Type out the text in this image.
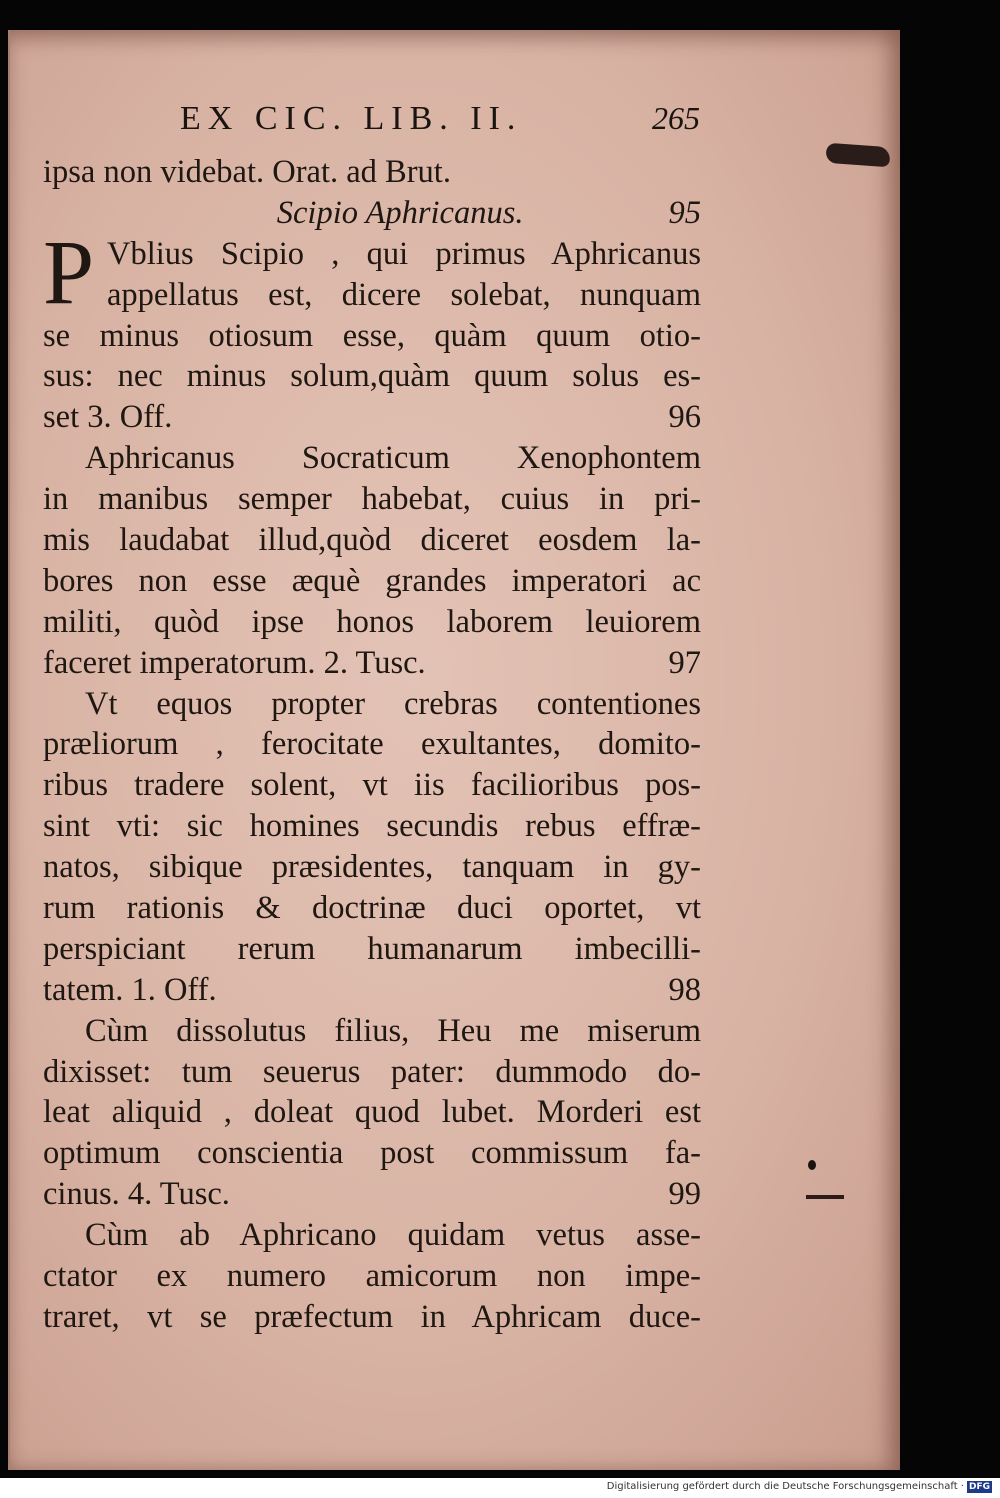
EX CIC. LIB. II.	265
ipsa non videbat. Orat. ad Brut.
Scipio Aphricanus.	95
P Vblius Scipio , qui primus Aphricanus
appellatus est, dicere solebat, nunquam
se minus otiosum esse, quàm quum otio-
sus: nec minus solum,quàm quum solus es-
set 3. Off.	96
Aphricanus Socraticum Xenophontem
in manibus semper habebat, cuius in pri-
mis laudabat illud,quòd diceret eosdem la-
bores non esse æquè grandes imperatori ac
militi, quòd ipse honos laborem leuiorem
faceret imperatorum. 2. Tusc.	97
Vt equos propter crebras contentiones
præliorum , ferocitate exultantes, domito-
ribus tradere solent, vt iis facilioribus pos-
sint vti: sic homines secundis rebus effræ-
natos, sibique præsidentes, tanquam in gy-
rum rationis & doctrinæ duci oportet, vt
perspiciant rerum humanarum imbecilli-
tatem. 1. Off.	98
Cùm dissolutus filius, Heu me miserum
dixisset: tum seuerus pater: dummodo do-
leat aliquid , doleat quod lubet. Morderi est
optimum conscientia post commissum fa-
cinus. 4. Tusc.	99
Cùm ab Aphricano quidam vetus asse-
ctator ex numero amicorum non impe-
traret, vt se præfectum in Aphricam duce-
Digitalisierung gefördert durch die Deutsche Forschungsgemeinschaft · DFG
